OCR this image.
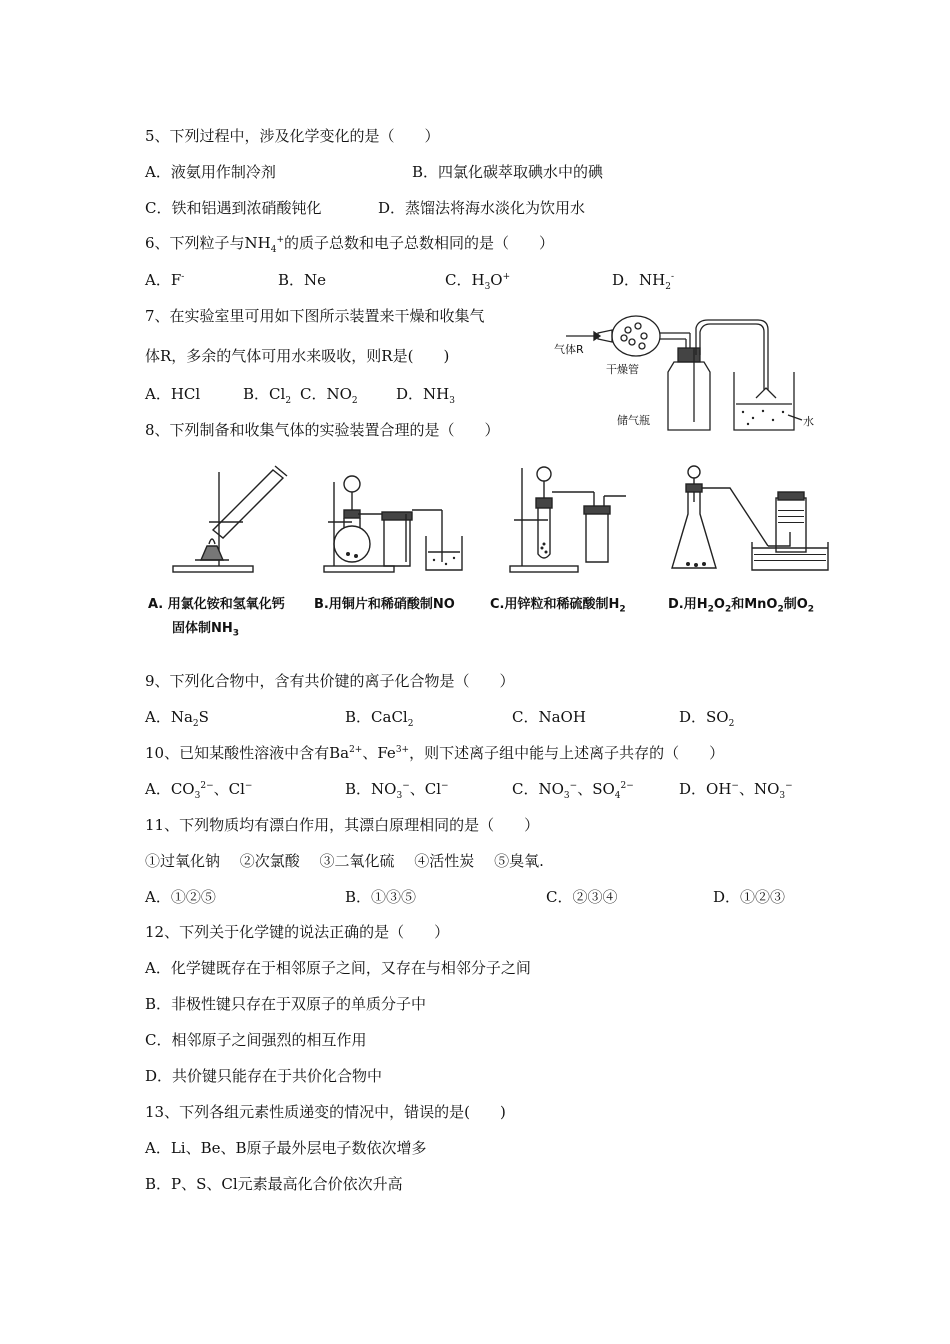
5、下列过程中，涉及化学变化的是（　　）
A．液氨用作制冷剂	B．四氯化碳萃取碘水中的碘
C．铁和铝遇到浓硝酸钝化	D．蒸馏法将海水淡化为饮用水
6、下列粒子与$NH_4^+$的质子总数和电子总数相同的是（　　）
A．F-	B．Ne	C．$H_3O^+$	D．$NH_2^-$
7、在实验室里可用如下图所示装置来干燥和收集气
体R，多余的气体可用水来吸收，则R是(　　)
A．HCl	B．$Cl_2$ C．$NO_2$	D．$NH_3$
气体R
干燥管
储气瓶	水
8、下列制备和收集气体的实验装置合理的是（　　）
A. 用氯化铵和氢氧化钙
固体制$NH_3$
B.用铜片和稀硝酸制NO	C.用锌粒和稀硫酸制$H_2$	D.用$H_2O_2$和MnO$_2$制$O_2$
9、下列化合物中，含有共价键的离子化合物是（　　）
A．$Na_2S$	B．CaCl$_2$	C．NaOH	D．$SO_2$
10、已知某酸性溶液中含有$Ba^{2+}$、$Fe^{3+}$，则下述离子组中能与上述离子共存的（　　）
A．$CO_3^{2-}$、Cl−	B．$NO_3^-$、Cl−	C．$NO_3^-$、$SO_4^{2-}$	D．OH−、$NO_3^-$
11、下列物质均有漂白作用，其漂白原理相同的是（　　）
①过氧化钠　 ②次氯酸　 ③二氧化硫　 ④活性炭　 ⑤臭氧.
A．①②⑤	B．①③⑤	C．②③④	D．①②③
12、下列关于化学键的说法正确的是（　　）
A．化学键既存在于相邻原子之间，又存在与相邻分子之间
B．非极性键只存在于双原子的单质分子中
C．相邻原子之间强烈的相互作用
D．共价键只能存在于共价化合物中
13、下列各组元素性质递变的情况中，错误的是(　　)
A．Li、Be、B原子最外层电子数依次增多
B．P、S、Cl元素最高化合价依次升高
